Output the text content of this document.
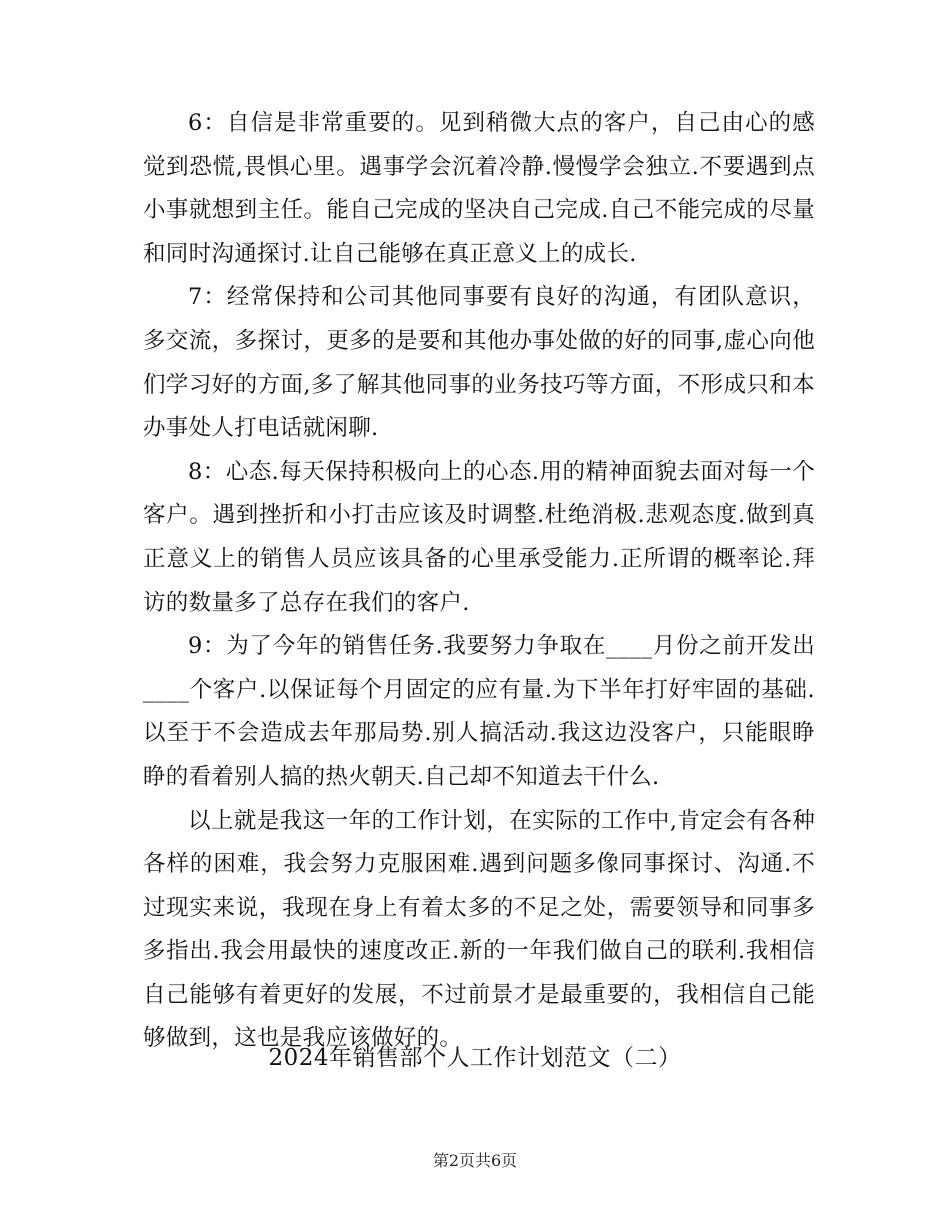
6：自信是非常重要的。见到稍微大点的客户，自己由心的感觉到恐慌,畏惧心里。遇事学会沉着冷静.慢慢学会独立.不要遇到点小事就想到主任。能自己完成的坚决自己完成.自己不能完成的尽量和同时沟通探讨.让自己能够在真正意义上的成长.

7：经常保持和公司其他同事要有良好的沟通，有团队意识，多交流，多探讨，更多的是要和其他办事处做的好的同事,虚心向他们学习好的方面,多了解其他同事的业务技巧等方面，不形成只和本办事处人打电话就闲聊.

8：心态.每天保持积极向上的心态.用的精神面貌去面对每一个客户。遇到挫折和小打击应该及时调整.杜绝消极.悲观态度.做到真正意义上的销售人员应该具备的心里承受能力.正所谓的概率论.拜访的数量多了总存在我们的客户.

9：为了今年的销售任务.我要努力争取在____月份之前开发出____个客户.以保证每个月固定的应有量.为下半年打好牢固的基础.以至于不会造成去年那局势.别人搞活动.我这边没客户，只能眼睁睁的看着别人搞的热火朝天.自己却不知道去干什么.

以上就是我这一年的工作计划，在实际的工作中,肯定会有各种各样的困难，我会努力克服困难.遇到问题多像同事探讨、沟通.不过现实来说，我现在身上有着太多的不足之处，需要领导和同事多多指出.我会用最快的速度改正.新的一年我们做自己的联利.我相信自己能够有着更好的发展，不过前景才是最重要的，我相信自己能够做到，这也是我应该做好的。

2024年销售部个人工作计划范文（二）
第2页共6页
